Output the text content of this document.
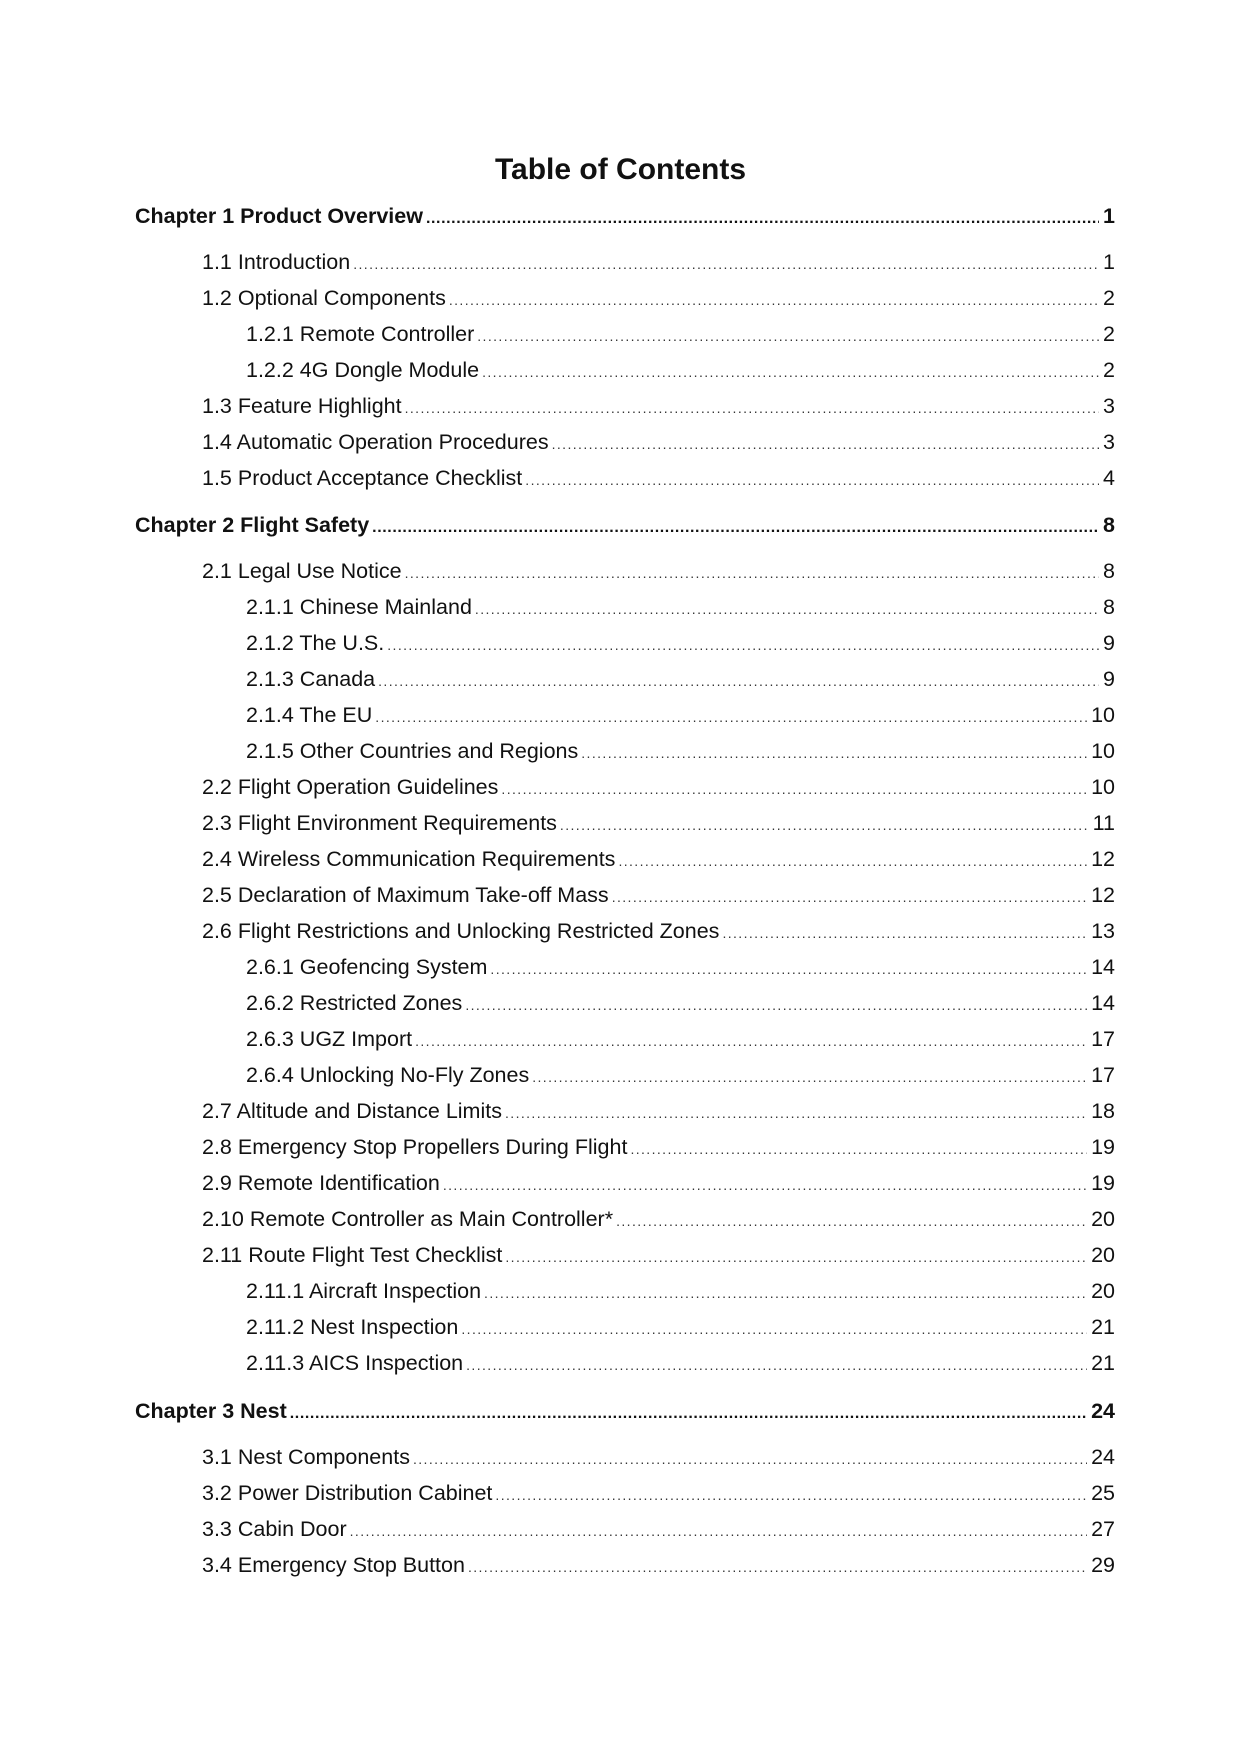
Table of Contents
Chapter 1 Product Overview .....	1
1.1 Introduction .....	1
1.2 Optional Components .....	2
1.2.1 Remote Controller .....	2
1.2.2 4G Dongle Module .....	2
1.3 Feature Highlight .....	3
1.4 Automatic Operation Procedures .....	3
1.5 Product Acceptance Checklist .....	4
Chapter 2 Flight Safety .....	8
2.1 Legal Use Notice .....	8
2.1.1 Chinese Mainland .....	8
2.1.2 The U.S. .....	9
2.1.3 Canada .....	9
2.1.4 The EU .....	10
2.1.5 Other Countries and Regions .....	10
2.2 Flight Operation Guidelines .....	10
2.3 Flight Environment Requirements .....	11
2.4 Wireless Communication Requirements .....	12
2.5 Declaration of Maximum Take-off Mass .....	12
2.6 Flight Restrictions and Unlocking Restricted Zones .....	13
2.6.1 Geofencing System .....	14
2.6.2 Restricted Zones .....	14
2.6.3 UGZ Import .....	17
2.6.4 Unlocking No-Fly Zones .....	17
2.7 Altitude and Distance Limits .....	18
2.8 Emergency Stop Propellers During Flight .....	19
2.9 Remote Identification .....	19
2.10 Remote Controller as Main Controller* .....	20
2.11 Route Flight Test Checklist .....	20
2.11.1 Aircraft Inspection .....	20
2.11.2 Nest Inspection .....	21
2.11.3 AICS Inspection .....	21
Chapter 3 Nest .....	24
3.1 Nest Components .....	24
3.2 Power Distribution Cabinet .....	25
3.3 Cabin Door .....	27
3.4 Emergency Stop Button .....	29
